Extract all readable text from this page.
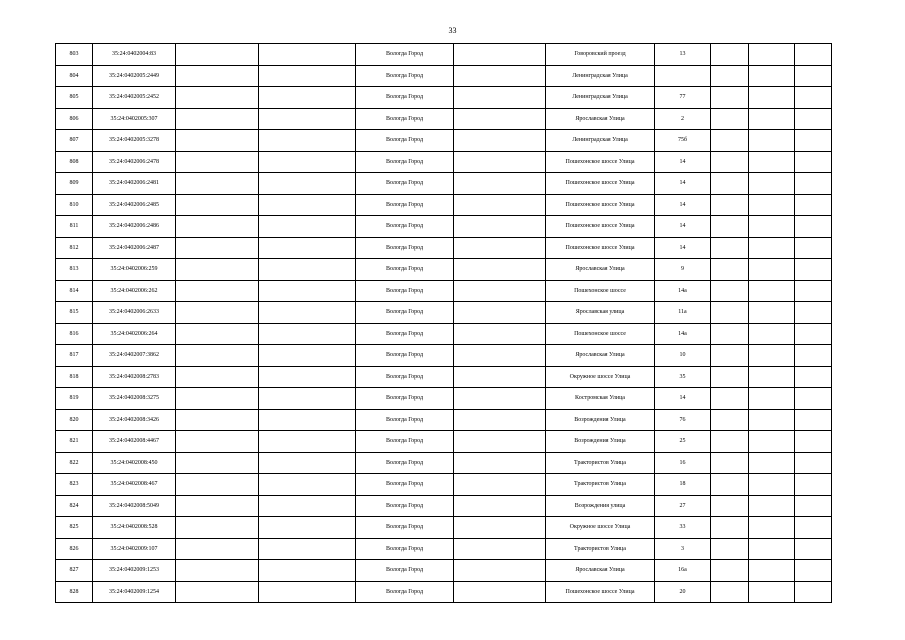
33
803	35:24:0402004:83			Вологда Город		Говоровский проезд	13			
804	35:24:0402005:2449			Вологда Город		Ленинградская Улица				
805	35:24:0402005:2452			Вологда Город		Ленинградская Улица	77			
806	35:24:0402005:307			Вологда Город		Ярославская Улица	2			
807	35:24:0402005:3278			Вологда Город		Ленинградская Улица	75б			
808	35:24:0402006:2478			Вологда Город		Пошехонское шоссе Улица	14			
809	35:24:0402006:2481			Вологда Город		Пошехонское шоссе Улица	14			
810	35:24:0402006:2485			Вологда Город		Пошехонское шоссе Улица	14			
811	35:24:0402006:2486			Вологда Город		Пошехонское шоссе Улица	14			
812	35:24:0402006:2487			Вологда Город		Пошехонское шоссе Улица	14			
813	35:24:0402006:259			Вологда Город		Ярославская Улица	9			
814	35:24:0402006:262			Вологда Город		Пошехонское шоссе	14а			
815	35:24:0402006:2633			Вологда Город		Ярославская улица	11а			
816	35:24:0402006:264			Вологда Город		Пошехонское шоссе	14а			
817	35:24:0402007:3862			Вологда Город		Ярославская Улица	10			
818	35:24:0402008:2783			Вологда Город		Окружное шоссе Улица	35			
819	35:24:0402008:3275			Вологда Город		Костромская Улица	14			
820	35:24:0402008:3426			Вологда Город		Возрождения Улица	76			
821	35:24:0402008:4467			Вологда Город		Возрождения Улица	25			
822	35:24:0402008:450			Вологда Город		Трактористов Улица	16			
823	35:24:0402008:467			Вологда Город		Трактористов Улица	18			
824	35:24:0402008:5049			Вологда Город		Возрождения улица	27			
825	35:24:0402008:528			Вологда Город		Окружное шоссе Улица	33			
826	35:24:0402009:107			Вологда Город		Трактористов Улица	3			
827	35:24:0402009:1253			Вологда Город		Ярославская Улица	16а			
828	35:24:0402009:1254			Вологда Город		Пошехонское шоссе Улица	20			
